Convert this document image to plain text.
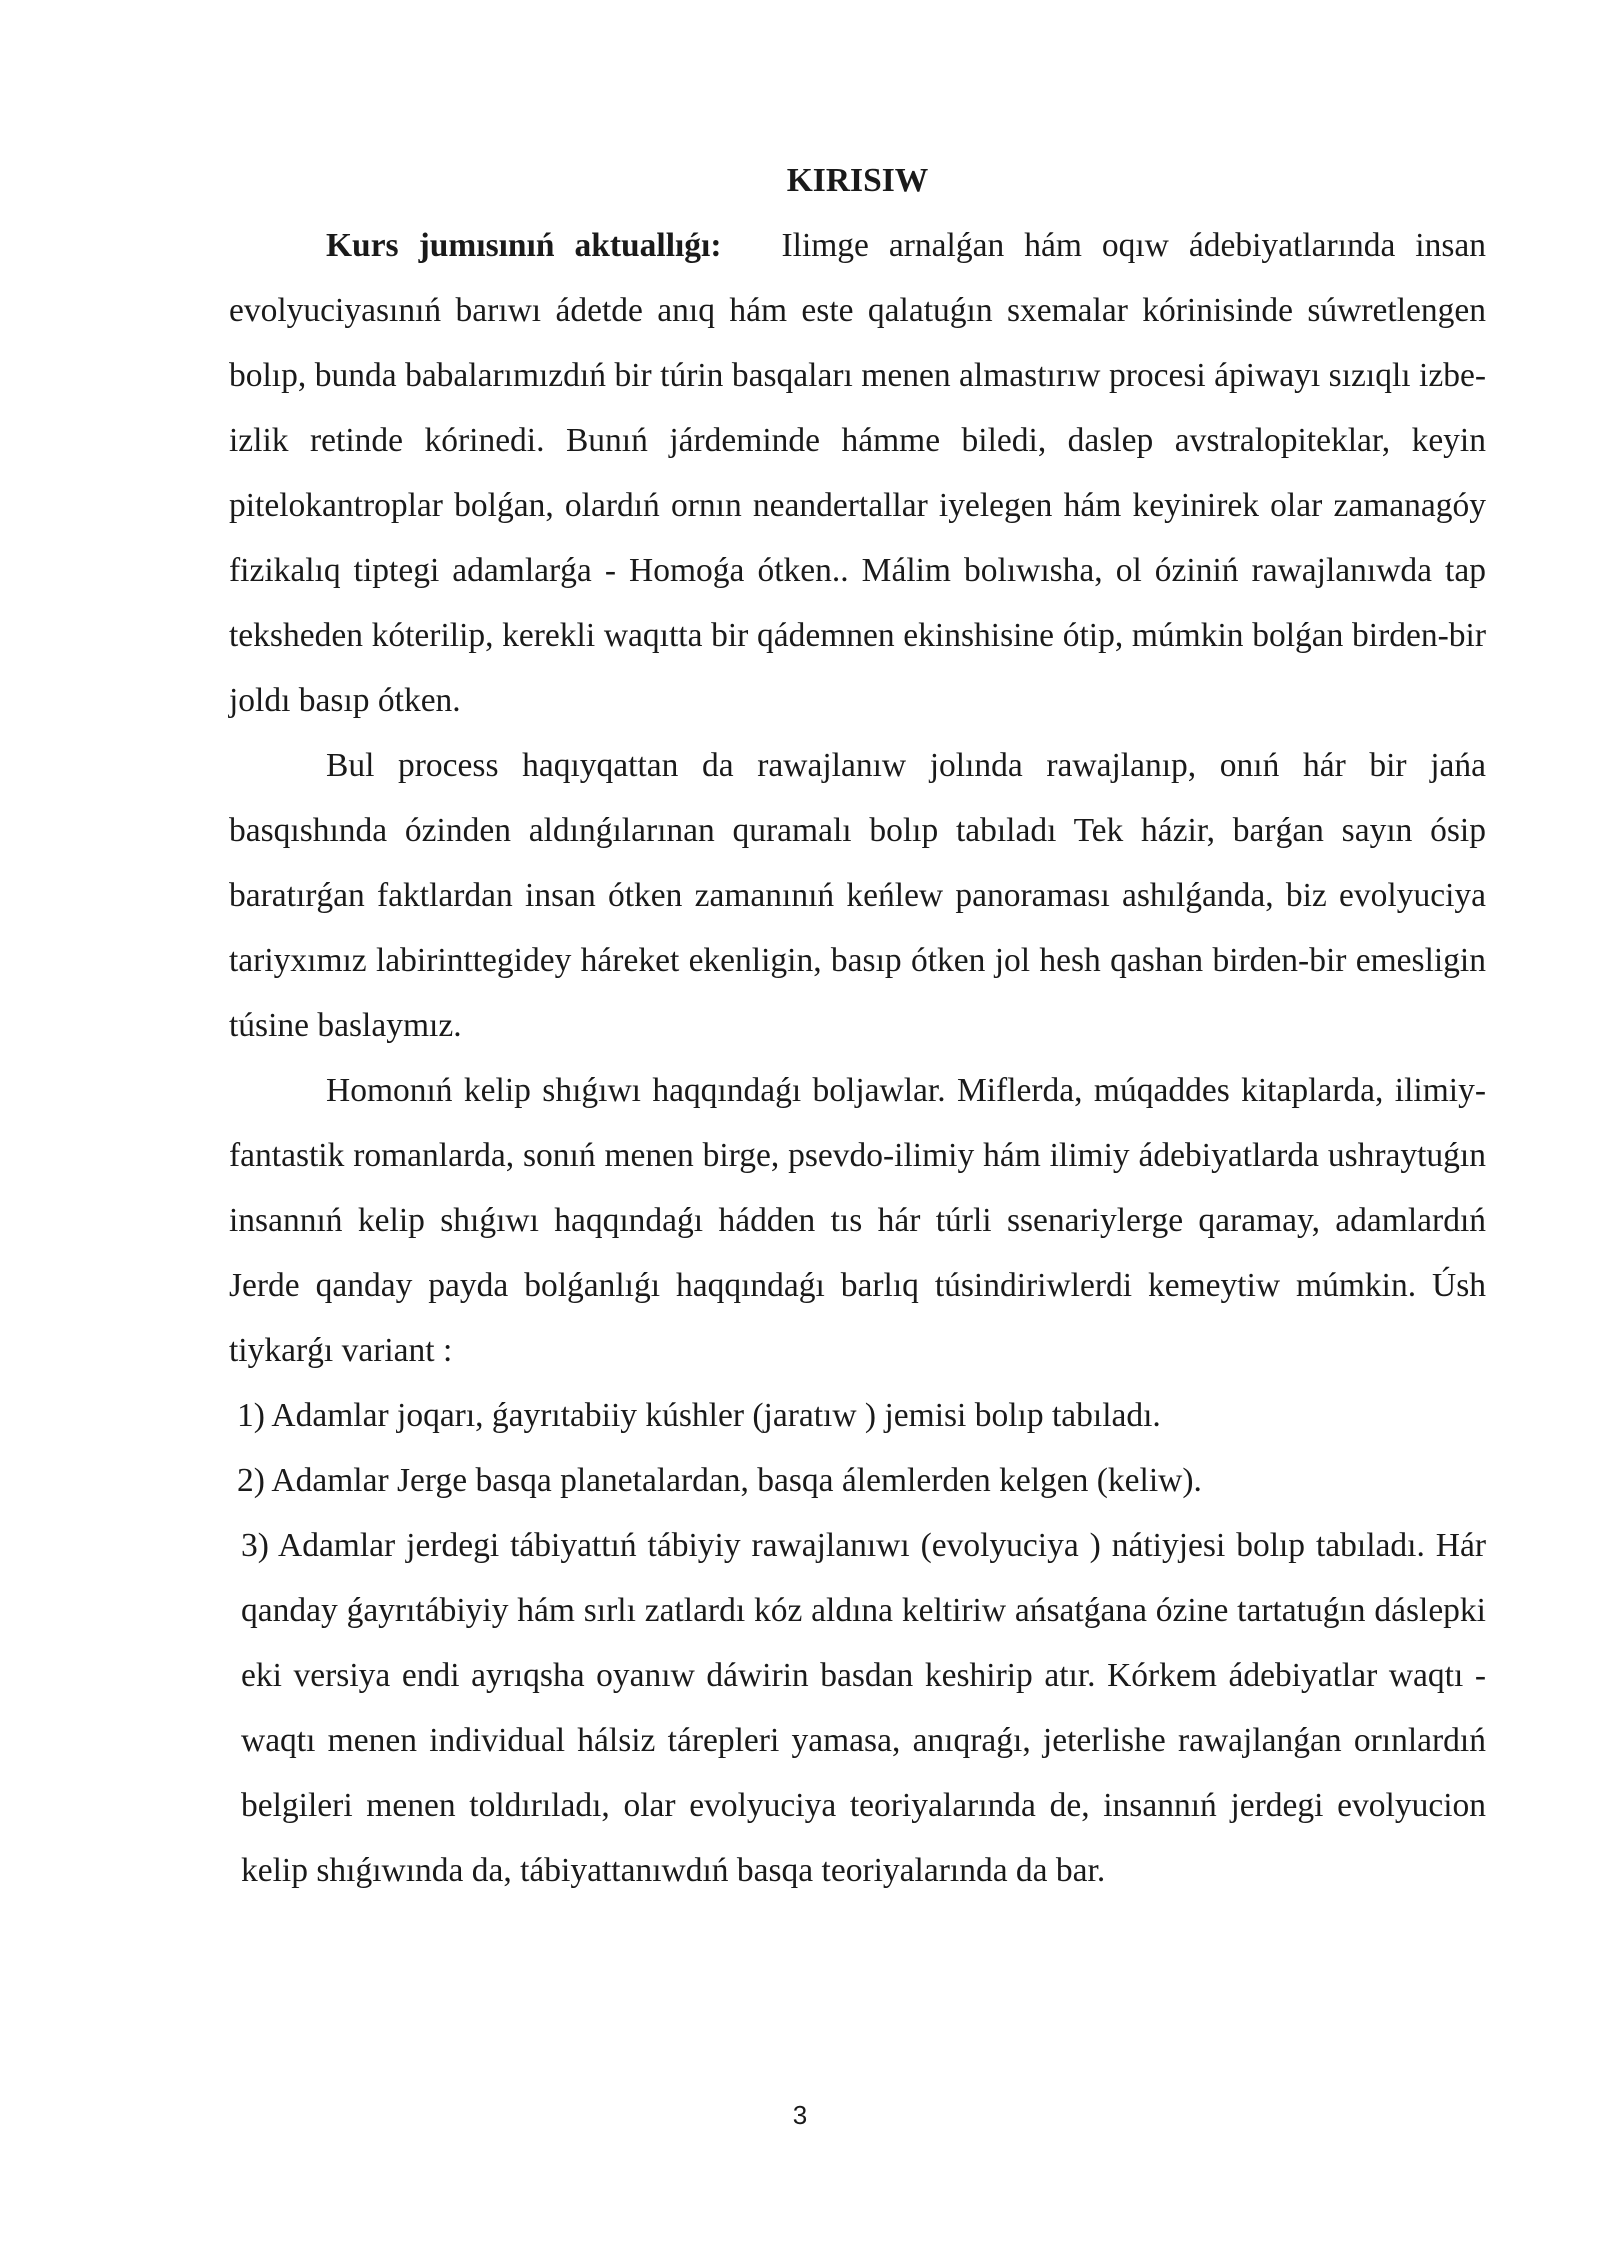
KIRISIW

Kurs jumısınıń aktuallıǵı: Ilimge arnalǵan hám oqıw ádebiyatlarında insan evolyuciyasınıń barıwı ádetde anıq hám este qalatuǵın sxemalar kórinisinde súwretlengen bolıp, bunda babalarımızdıń bir túrin basqaları menen almastırıw procesi ápiwayı sızıqlı izbe-izlik retinde kórinedi. Bunıń járdeminde hámme biledi, daslep avstralopiteklar, keyin pitelokantroplar bolǵan, olardıń ornın neandertallar iyelegen hám keyinirek olar zamanagóy fizikalıq tiptegi adamlarǵa - Homoǵa ótken.. Málim bolıwısha, ol óziniń rawajlanıwda tap teksheden kóterilip, kerekli waqıtta bir qádemnen ekinshisine ótip, múmkin bolǵan birden-bir joldı basıp ótken.

Bul process haqıyqattan da rawajlanıw jolında rawajlanıp, onıń hár bir jańa basqıshında ózinden aldınǵılarınan quramalı bolıp tabıladı Tek házir, barǵan sayın ósip baratırǵan faktlardan insan ótken zamanınıń keńlew panoraması ashılǵanda, biz evolyuciya tariyxımız labirinttegidey háreket ekenligin, basıp ótken jol hesh qashan birden-bir emesligin túsine baslaymız.

Homonıń kelip shıǵıwı haqqındaǵı boljawlar. Miflerda, múqaddes kitaplarda, ilimiy-fantastik romanlarda, sonıń menen birge, psevdo-ilimiy hám ilimiy ádebiyatlarda ushraytuǵın insannıń kelip shıǵıwı haqqındaǵı hádden tıs hár túrli ssenariylerge qaramay, adamlardıń Jerde qanday payda bolǵanlıǵı haqqındaǵı barlıq túsindiriwlerdi kemeytiw múmkin. Úsh tiykarǵı variant :

1) Adamlar joqarı, ǵayrıtabiiy kúshler (jaratıw ) jemisi bolıp tabıladı.

2) Adamlar Jerge basqa planetalardan, basqa álemlerden kelgen (keliw).

3) Adamlar jerdegi tábiyattıń tábiyiy rawajlanıwı (evolyuciya ) nátiyjesi bolıp tabıladı. Hár qanday ǵayrıtábiyiy hám sırlı zatlardı kóz aldına keltiriw ańsatǵana ózine tartatuǵın dáslepki eki versiya endi ayrıqsha oyanıw dáwirin basdan keshirip atır. Kórkem ádebiyatlar waqtı -waqtı menen individual hálsiz tárepleri yamasa, anıqraǵı, jeterlishe rawajlanǵan orınlardıń belgileri menen toldırıladı, olar evolyuciya teoriyalarında de, insannıń jerdegi evolyucion kelip shıǵıwında da, tábiyattanıwdıń basqa teoriyalarında da bar.

3
